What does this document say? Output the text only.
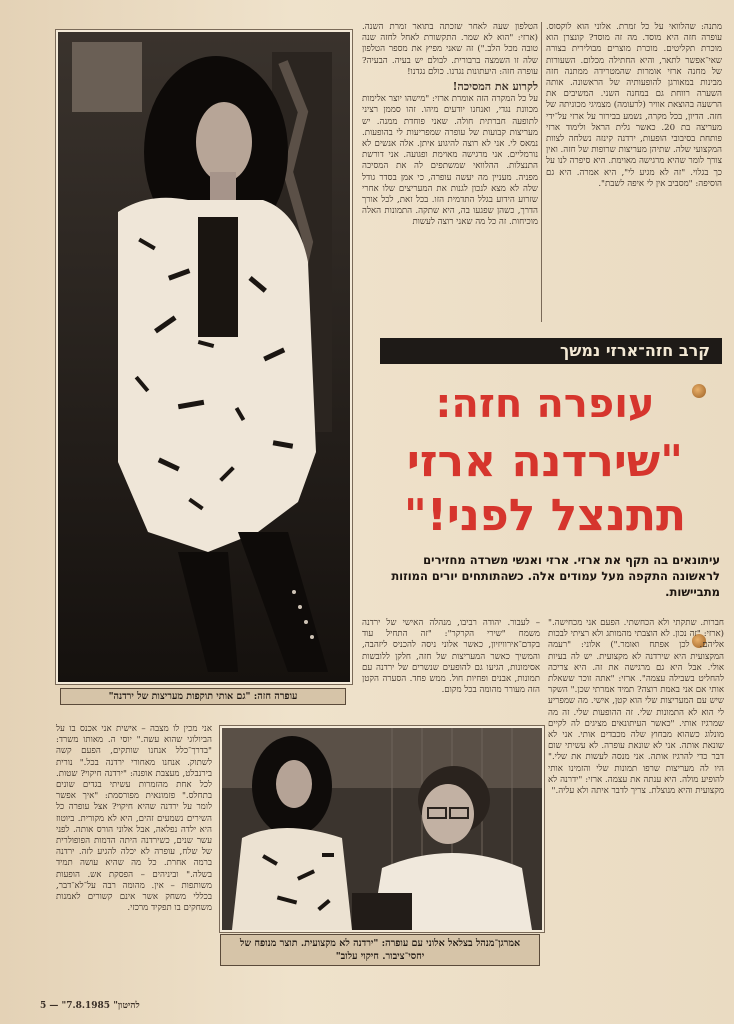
עופרה חזה: "גם אותי תוקפות מעריצות של ירדנה"

מתנה: שהלוואי על כל זמרת. אלוני הוא לוקסוס. עופרה חזה היא מוסד. מה זה מוסד? קונצרן הוא מוכרת תקליטים. מוכרת מוצרים מבולירית בצורה שאי־אפשר לתאר, והיא החתילה מכלום. השעורות של מחנה ארזי אומרות שהמטרידה ממתנה חזה מבינות במאורגן להופעותיה של הראשונה. אותה השערה רווחת גם במחנה השני. המשיבים את הרשעה בהוצאת אוויר (לרעומה) מצמיגי מכוניתה של חזה. הדיון, בכל מקרה, נשמע בבירור על ארזי על־ידי מעריצה בת 20. כאשר גלית הראל ולימוד ארזי פותחת בסיבובי הופעות, ירדנה קינזה נשלחה לצוות המקצועי שלה. שתיהן מעריצות שרופות של חזה. ואין צורך לומר שהיא מרגישה מאוימת. היא סיפרה לנו על כך בגלוי. "זה לא מגיע לי", היא אמרה. היא גם הוסיפה: "מסביב אין לי איפה לשבת".

הטלפון שעה לאחר שזכתה בתואר זמרת השנה. (ארזי: "הוא לא שמר. התקשורת לאחל לחזה שנה טובה מכל הלב.") זה שאני מפיץ את מספר הטלפון שלה זו השמצה ברבורית. לבולם יש בעיה. הבעיה? עופרה חזה: היעתונות נגדנו. כולם נגדנו!

לקרוע את המסיכה!

על כל המקרה הזה אומרת ארזי: "מישהו יוצר אלימות מכוונת נגדי, ואנחנו יודעים מיהו. זהו סממן רציני לתופעה חברתית חולה. שאני פוחדת ממנה. יש מעריצות קבועות של עופרה שמפריעות לי בהופעות. נמאס לי. אני לא רוצה להיגוע איתן. אלה אנשים לא נורמליים. אני מרגישה מאוימת ופגועה. אני דורשת התנצלות. ההלוואי שמשתפים לה את המסיכה מפניה. מעניין מה יעשה עופרה, כי אמן בסדר גודל שלה לא מצא לנכון לגנות את המעריצים שלו אחרי שזרוע הידוע בגלל התדמית הזו. בכל זאת, לכל אורך הדרך, כשהן שפגעו בה, היא שתקה. התמונות האלה מוכיחות. זה כל מה שאני רוצה לעשות

קרב חזה־ארזי נמשך
עופרה חזה:
"שירדנה ארזי
תתנצל לפני!"
עיתונאים בה תקף את ארזי. ארזי ואנשי משרדה מחזירים לראשונה התקפה מעל עמודים אלה. כשהתותחים יורים המוזות מתביישות.

חברות. שתקתי ולא הכחשתי. הפעם אני מכחישה." (ארזי: "זה נכון. לא הוצבתי מהמותג ולא רציתי לבכות אליהם. לכן אפתח ואומר.") אלוני: "רעמה המקצועית היא שירדנה לא מקצועית. יש לה בעיות אולי. אבל היא גם מרגישה את זה. היא צריכה להחליט בשבילה עצמה". ארזי: "אתה זוכר ששאלת אותי אם אני באמת רוצה? תמיד אמרתי שכן." השקר שיש עם המעריצות שלי הוא קטן, אישי. מה שמפריע לי הוא לא התמונות שלי. זה ההופעות שלי. זה מה שמרגיז אותי. "כאשר העיתונאים מציגים לה לקיים מונלוג כשהוא מבחוץ שלה מכבדים אותי. אני לא שונאת אותה. אני לא שונאת עופרה. לא עשיתי שום דבר כדי להרגיז אותה. אני מנסה לעשות את שלי." היו לה מעריצות שרפו תמונות שלי והזמינו אותי להופיע מולה. היא ענתה את עצמה. ארזי: "ידרנה לא מקצועית והיא מנוצלת. צריך לדבר איתה ולא עליה."

– לעבור. יהודה רביבו, מנהלה האישי של ירדנה משמח "שירי הקרקר": "זה התחיל עוד בקדם־אירוויזיון, כאשר אלוני ניסה להכניס ליזהבה, והמשיך כאשר המעריצות של חזה, חלקן ללובשות אסימונות, הגיעו גם להופעים שנשרים של ירדנה עם תמונות, אבנים ופחיות חול. ממש פחד. הסערה הקטן הזה מעורר מהומה בכל מקום.

אמרגן־מנהל בצלאל אלוני עם עופרה: "ירדנה לא מקצועית. תוצר מנופח של יחסי־ציבור. חיקוי עלוב"

אני מכין לו מצבה – אישית אני אכנס בו על הביולוגי שהוא עשה." יוסי ה. מאותו משרד: "בדרך־כלל אנחנו שותקים, הפעם קשה לשתוק. אנחנו מאחורי ירדנה בכל." נורית בירנבלט, מעצבת אופנה: "ירדנה חיקוי? שטות. לכל אחת מהזמרות עשיתי בגדים שונים בתחלס." פזמונאית מפורסמת: "איך אפשר לומר על ירדנה שהיא חיקוי? אצל עופרה כל השירים נשמעים זהים, היא לא מקורית. ביוטוז היא ילדה נפלאה, אבל אלוני הורס אותה. לפני עשר שנים, כשירדנה היתה הדמות הפופולרית של שלח, עופרה לא יכלה להגיע לזה. ירדנה ברמה אחרת. כל מה שהיא עושה תמיד בשלה." וביניהים – הפסקת אש. הופעות משותפות – אין. מהומה רבה על־לא־דבר, בכללי משחק אשר אינם קשורים לאמנות משחקים בו תפקיד מרכזי.

5 — "להיטון" 7.8.1985
